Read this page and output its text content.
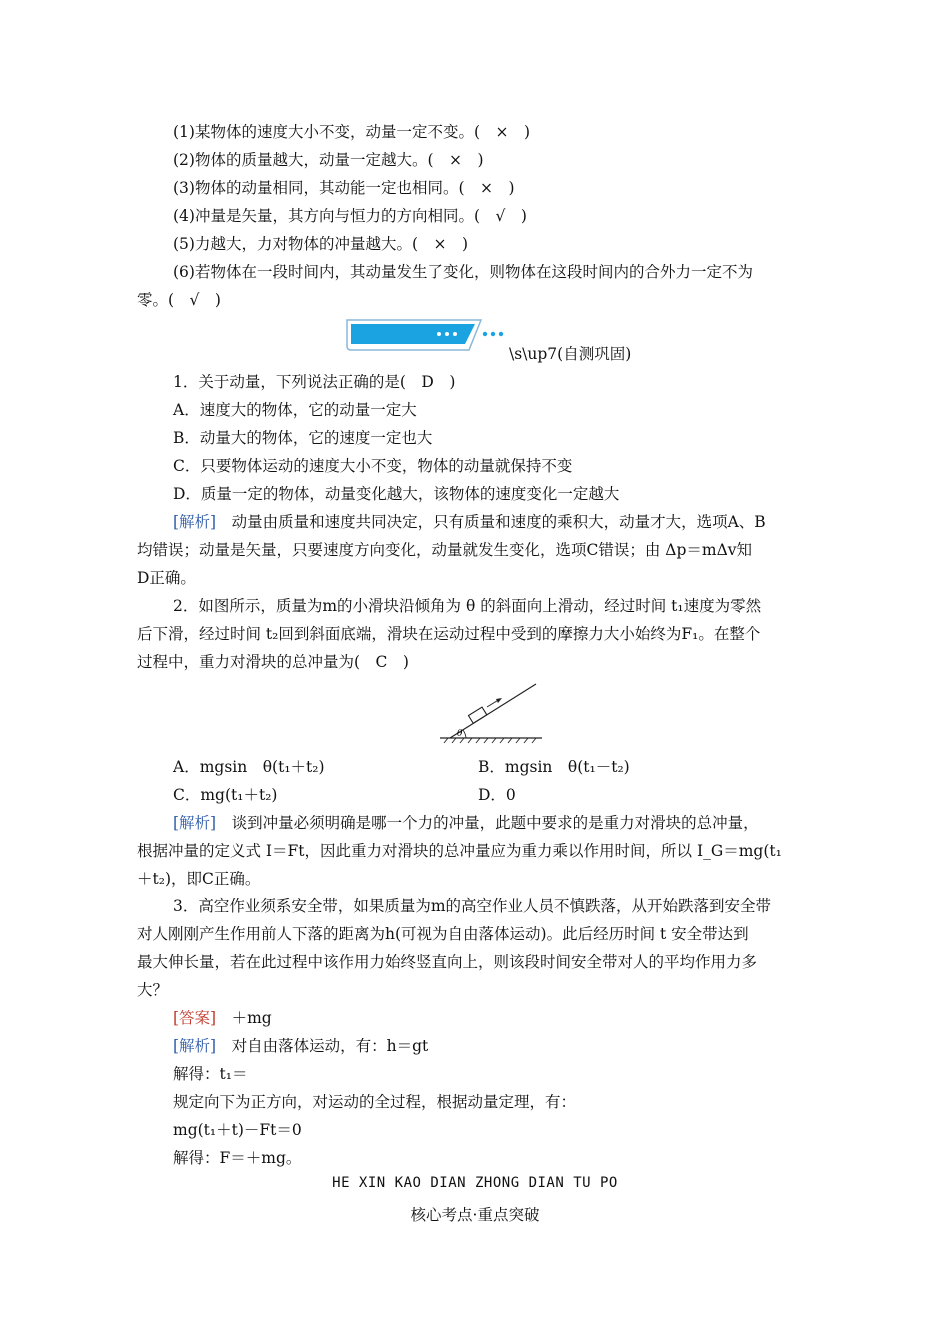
(1)某物体的速度大小不变，动量一定不变。(　×　)
(2)物体的质量越大，动量一定越大。(　×　)
(3)物体的动量相同，其动能一定也相同。(　×　)
(4)冲量是矢量，其方向与恒力的方向相同。(　√　)
(5)力越大，力对物体的冲量越大。(　×　)
(6)若物体在一段时间内，其动量发生了变化，则物体在这段时间内的合外力一定不为
零。(　√　)
\s\up7(自测巩固)
1．关于动量，下列说法正确的是(　D　)
A．速度大的物体，它的动量一定大
B．动量大的物体，它的速度一定也大
C．只要物体运动的速度大小不变，物体的动量就保持不变
D．质量一定的物体，动量变化越大，该物体的速度变化一定越大
[解析]　动量由质量和速度共同决定，只有质量和速度的乘积大，动量才大，选项A、B
均错误；动量是矢量，只要速度方向变化，动量就发生变化，选项C错误；由 Δp＝mΔv知
D正确。
2．如图所示，质量为m的小滑块沿倾角为 θ 的斜面向上滑动，经过时间 t₁速度为零然
后下滑，经过时间 t₂回到斜面底端，滑块在运动过程中受到的摩擦力大小始终为F₁。在整个
过程中，重力对滑块的总冲量为(　C　)
θ
A．mgsin　θ(t₁＋t₂)	B．mgsin　θ(t₁－t₂)
C．mg(t₁＋t₂)	D．0
[解析]　谈到冲量必须明确是哪一个力的冲量，此题中要求的是重力对滑块的总冲量，
根据冲量的定义式 I＝Ft，因此重力对滑块的总冲量应为重力乘以作用时间，所以 I_G＝mg(t₁
＋t₂)，即C正确。
3．高空作业须系安全带，如果质量为m的高空作业人员不慎跌落，从开始跌落到安全带
对人刚刚产生作用前人下落的距离为h(可视为自由落体运动)。此后经历时间 t 安全带达到
最大伸长量，若在此过程中该作用力始终竖直向上，则该段时间安全带对人的平均作用力多
大？
[答案]　＋mg
[解析]　对自由落体运动，有：h＝gt
解得：t₁＝
规定向下为正方向，对运动的全过程，根据动量定理，有：
mg(t₁＋t)－Ft＝0
解得：F＝＋mg。
HE XIN KAO DIAN ZHONG DIAN TU PO
核心考点·重点突破
